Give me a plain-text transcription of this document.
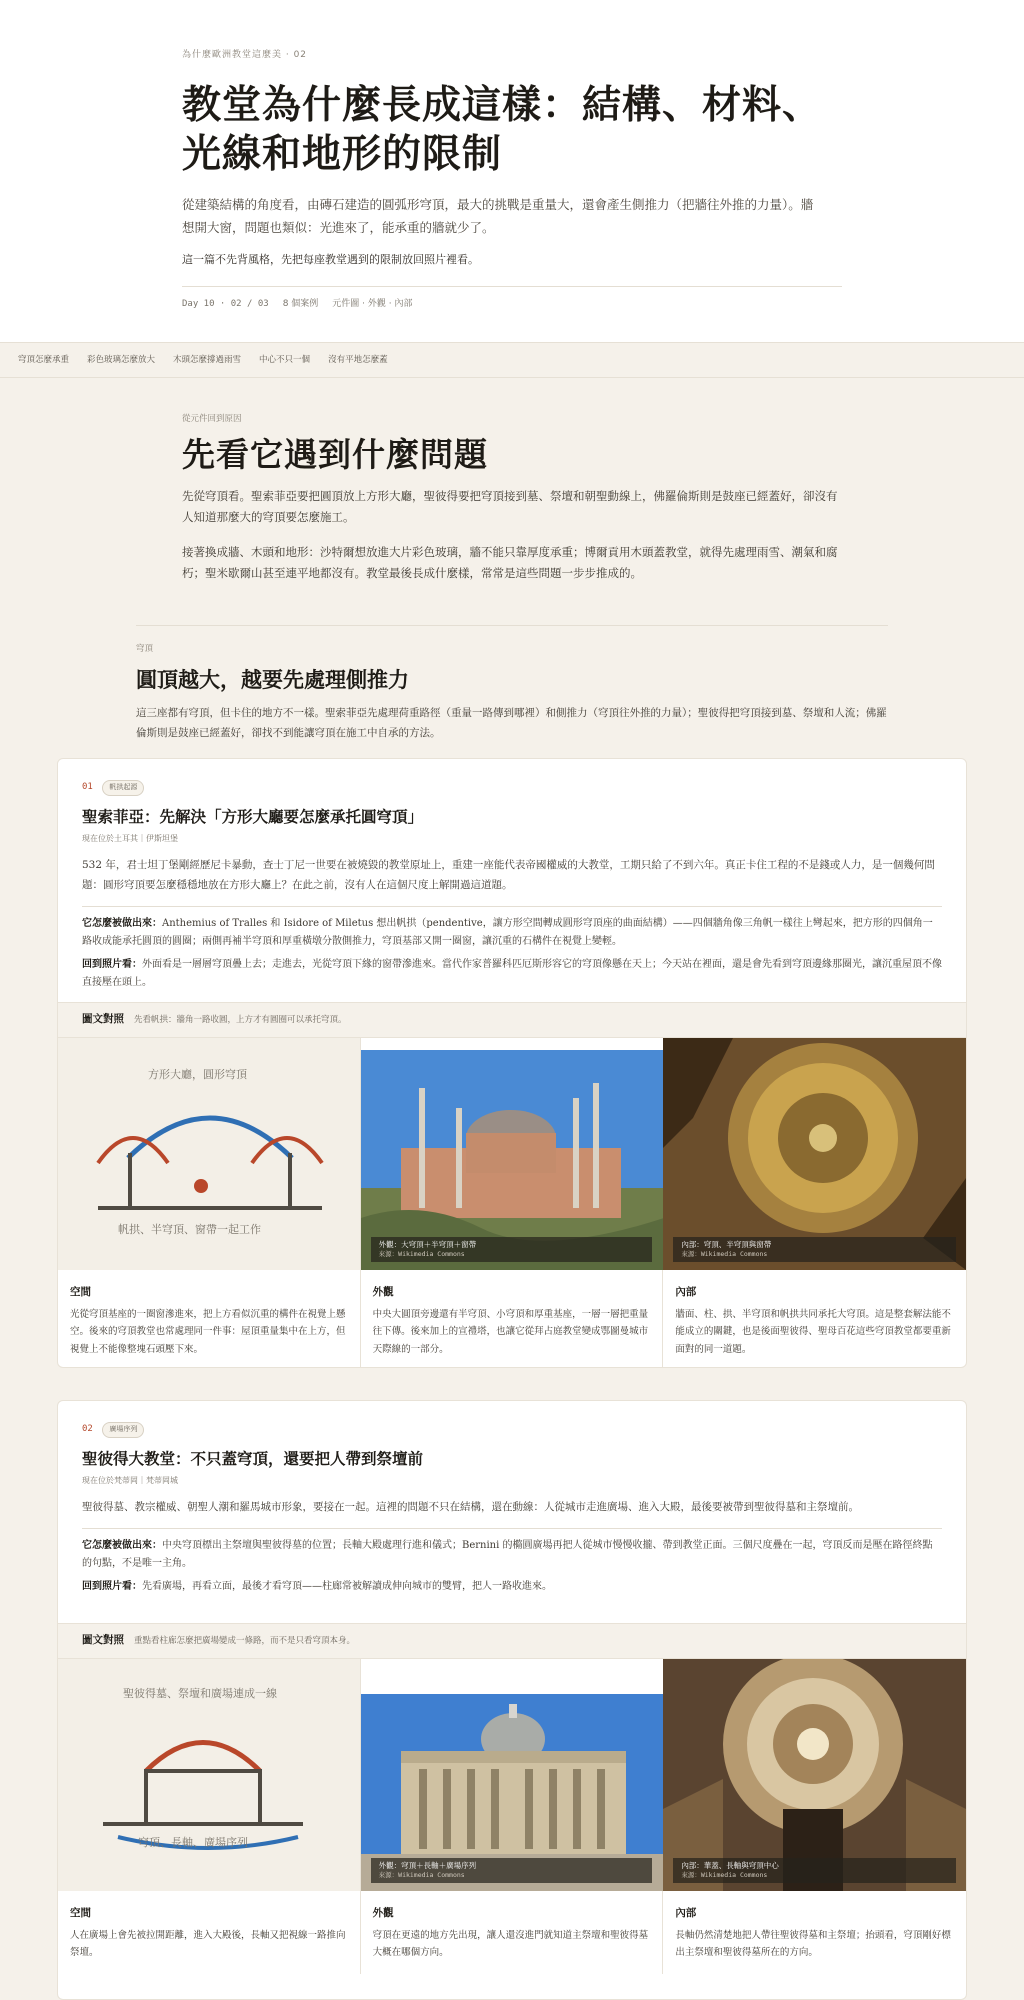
為什麼歐洲教堂這麼美 · 02
教堂為什麼長成這樣：結構、材料、光線和地形的限制

從建築結構的角度看，由磚石建造的圓弧形穹頂，最大的挑戰是重量大，還會產生側推力（把牆往外推的力量）。牆想開大窗，問題也類似：光進來了，能承重的牆就少了。

這一篇不先背風格，先把每座教堂遇到的限制放回照片裡看。

Day 10 · 02 / 03 8 個案例 元件圖 · 外觀 · 內部
穹頂怎麼承重 彩色玻璃怎麼放大 木頭怎麼撐過雨雪 中心不只一個 沒有平地怎麼蓋
從元件回到原因
先看它遇到什麼問題

先從穹頂看。聖索菲亞要把圓頂放上方形大廳，聖彼得要把穹頂接到墓、祭壇和朝聖動線上，佛羅倫斯則是鼓座已經蓋好，卻沒有人知道那麼大的穹頂要怎麼施工。

接著換成牆、木頭和地形：沙特爾想放進大片彩色玻璃，牆不能只靠厚度承重；博爾貢用木頭蓋教堂，就得先處理雨雪、潮氣和腐朽；聖米歇爾山甚至連平地都沒有。教堂最後長成什麼樣，常常是這些問題一步步推成的。

穹頂
圓頂越大，越要先處理側推力

這三座都有穹頂，但卡住的地方不一樣。聖索菲亞先處理荷重路徑（重量一路傳到哪裡）和側推力（穹頂往外推的力量）；聖彼得把穹頂接到墓、祭壇和人流；佛羅倫斯則是鼓座已經蓋好，卻找不到能讓穹頂在施工中自承的方法。

01 帆拱起源
聖索菲亞：先解決「方形大廳要怎麼承托圓穹頂」
現在位於土耳其｜伊斯坦堡

532 年，君士坦丁堡剛經歷尼卡暴動，查士丁尼一世要在被燒毀的教堂原址上，重建一座能代表帝國權威的大教堂，工期只給了不到六年。真正卡住工程的不是錢或人力，是一個幾何問題：圓形穹頂要怎麼穩穩地放在方形大廳上？在此之前，沒有人在這個尺度上解開過這道題。

它怎麼被做出來：Anthemius of Tralles 和 Isidore of Miletus 想出帆拱（pendentive，讓方形空間轉成圓形穹頂座的曲面結構）——四個牆角像三角帆一樣往上彎起來，把方形的四個角一路收成能承托圓頂的圓圈；兩側再補半穹頂和厚重橫墩分散側推力，穹頂基部又開一圈窗，讓沉重的石構件在視覺上變輕。

回到照片看：外面看是一層層穹頂疊上去；走進去，光從穹頂下緣的窗帶滲進來。當代作家普羅科匹厄斯形容它的穹頂像懸在天上；今天站在裡面，還是會先看到穹頂邊緣那圈光，讓沉重屋頂不像直接壓在頭上。

圖文對照 先看帆拱：牆角一路收圓，上方才有圓圈可以承托穹頂。
方形大廳，圓形穹頂
帆拱、半穹頂、窗帶一起工作
外觀：大穹頂＋半穹頂＋窗帶
來源：Wikimedia Commons
內部：穹頂、半穹頂與窗帶
來源：Wikimedia Commons
空間

光從穹頂基座的一圈窗滲進來，把上方看似沉重的構件在視覺上懸空。後來的穹頂教堂也常處理同一件事：屋頂重量集中在上方，但視覺上不能像整塊石頭壓下來。

外觀

中央大圓頂旁邊還有半穹頂、小穹頂和厚重基座，一層一層把重量往下傳。後來加上的宣禮塔，也讓它從拜占庭教堂變成鄂圖曼城市天際線的一部分。

內部

牆面、柱、拱、半穹頂和帆拱共同承托大穹頂。這是整套解法能不能成立的關鍵，也是後面聖彼得、聖母百花這些穹頂教堂都要重新面對的同一道題。

02 廣場序列
聖彼得大教堂：不只蓋穹頂，還要把人帶到祭壇前
現在位於梵蒂岡｜梵蒂岡城

聖彼得墓、教宗權威、朝聖人潮和羅馬城市形象，要接在一起。這裡的問題不只在結構，還在動線：人從城市走進廣場、進入大殿，最後要被帶到聖彼得墓和主祭壇前。

它怎麼被做出來：中央穹頂標出主祭壇與聖彼得墓的位置；長軸大殿處理行進和儀式；Bernini 的橢圓廣場再把人從城市慢慢收攏、帶到教堂正面。三個尺度疊在一起，穹頂反而是壓在路徑終點的句點，不是唯一主角。

回到照片看：先看廣場，再看立面，最後才看穹頂——柱廊常被解讀成伸向城市的雙臂，把人一路收進來。

圖文對照 重點看柱廊怎麼把廣場變成一條路，而不是只看穹頂本身。
聖彼得墓、祭壇和廣場連成一線
穹頂、長軸、廣場序列
外觀：穹頂＋長軸＋廣場序列
來源：Wikimedia Commons
內部：華蓋、長軸與穹頂中心
來源：Wikimedia Commons
空間

人在廣場上會先被拉開距離，進入大殿後，長軸又把視線一路推向祭壇。

外觀

穹頂在更遠的地方先出現，讓人還沒進門就知道主祭壇和聖彼得墓大概在哪個方向。

內部

長軸仍然清楚地把人帶往聖彼得墓和主祭壇；抬頭看，穹頂剛好標出主祭壇和聖彼得墓所在的方向。
